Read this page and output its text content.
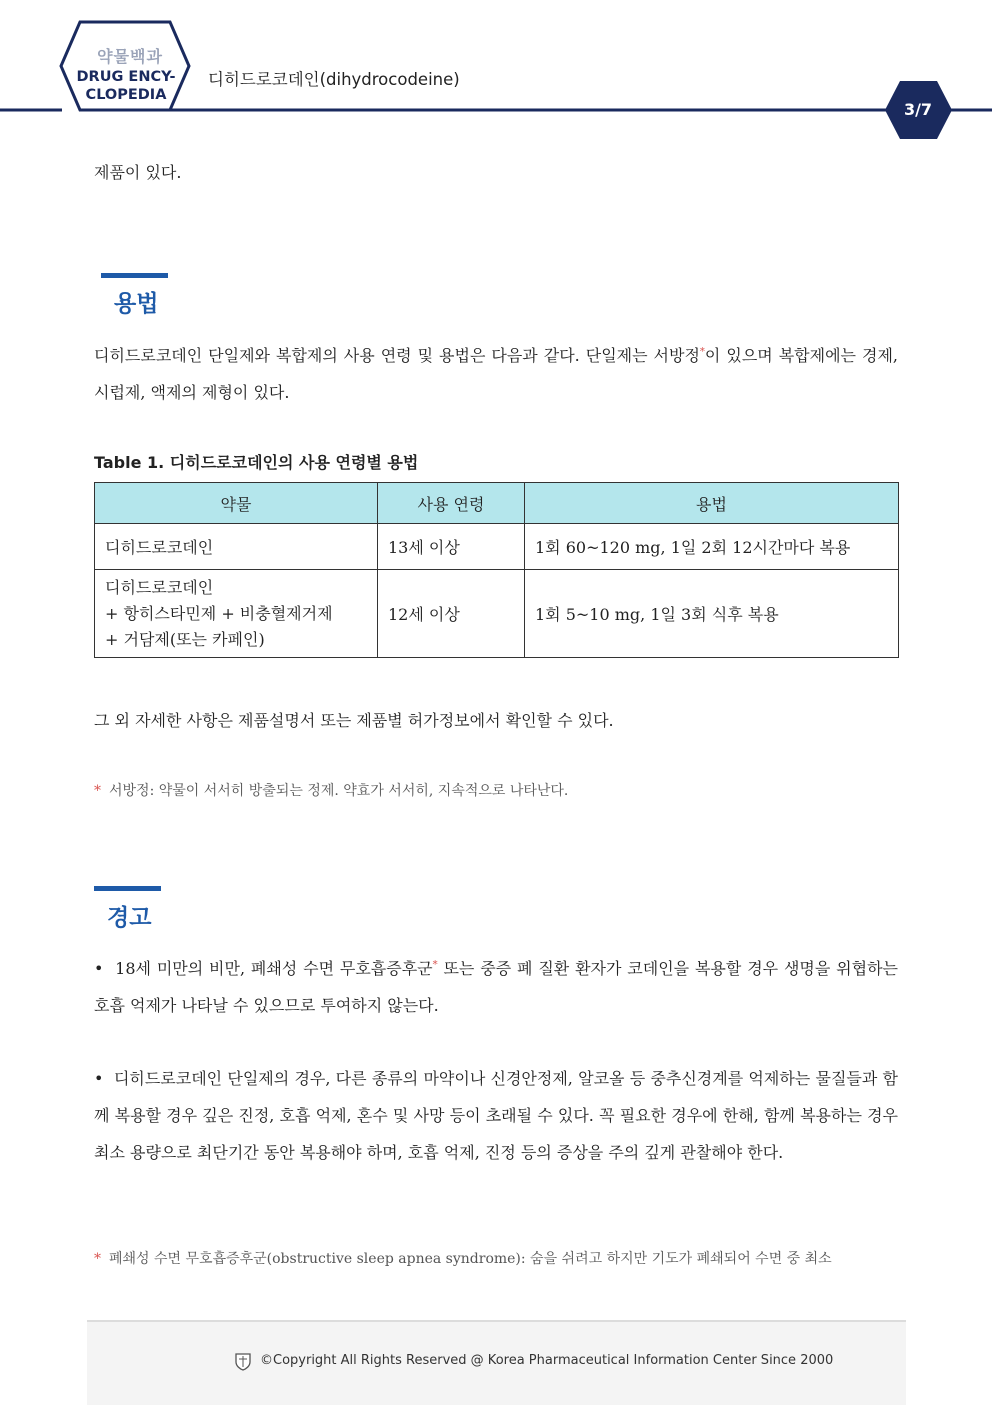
약물백과
DRUG ENCY-
CLOPEDIA
디히드로코데인(dihydrocodeine)
3/7
제품이 있다.
용법
디히드로코데인 단일제와 복합제의 사용 연령 및 용법은 다음과 같다. 단일제는 서방정*이 있으며 복합제에는 경제, 시럽제, 액제의 제형이 있다.
Table 1. 디히드로코데인의 사용 연령별 용법
약물	사용 연령	용법
디히드로코데인	13세 이상	1회 60~120 mg, 1일 2회 12시간마다 복용

디히드로코데인
+ 항히스타민제 + 비충혈제거제
+ 거담제(또는 카페인)	12세 이상	1회 5~10 mg, 1일 3회 식후 복용
그 외 자세한 사항은 제품설명서 또는 제품별 허가정보에서 확인할 수 있다.
* 서방정: 약물이 서서히 방출되는 정제. 약효가 서서히, 지속적으로 나타난다.
경고
• 18세 미만의 비만, 폐쇄성 수면 무호흡증후군* 또는 중증 폐 질환 환자가 코데인을 복용할 경우 생명을 위협하는 호흡 억제가 나타날 수 있으므로 투여하지 않는다.
• 디히드로코데인 단일제의 경우, 다른 종류의 마약이나 신경안정제, 알코올 등 중추신경계를 억제하는 물질들과 함께 복용할 경우 깊은 진정, 호흡 억제, 혼수 및 사망 등이 초래될 수 있다. 꼭 필요한 경우에 한해, 함께 복용하는 경우 최소 용량으로 최단기간 동안 복용해야 하며, 호흡 억제, 진정 등의 증상을 주의 깊게 관찰해야 한다.
* 폐쇄성 수면 무호흡증후군(obstructive sleep apnea syndrome): 숨을 쉬려고 하지만 기도가 폐쇄되어 수면 중 최소
©Copyright All Rights Reserved @ Korea Pharmaceutical Information Center Since 2000
